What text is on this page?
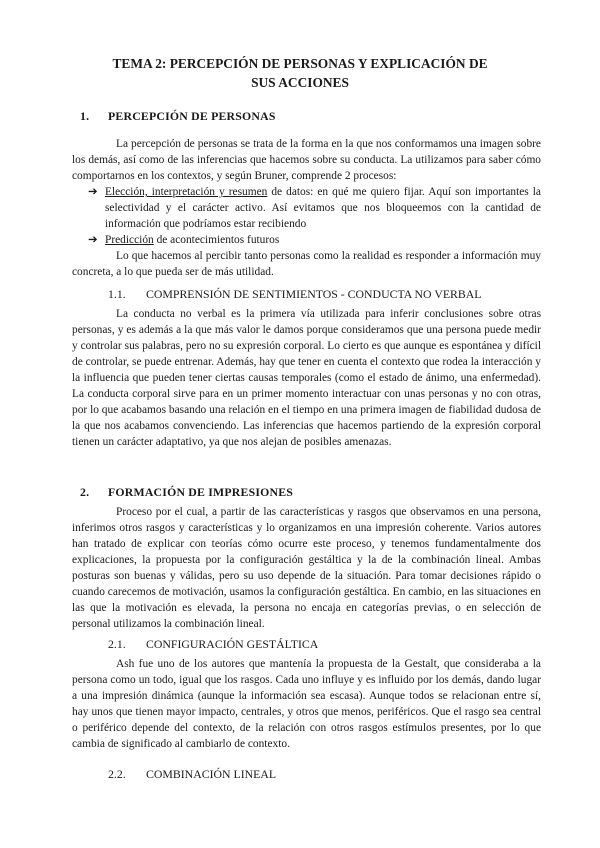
TEMA 2: PERCEPCIÓN DE PERSONAS Y EXPLICACIÓN DE
SUS ACCIONES
1. PERCEPCIÓN DE PERSONAS
La percepción de personas se trata de la forma en la que nos conformamos una imagen sobre los demás, así como de las inferencias que hacemos sobre su conducta. La utilizamos para saber cómo comportarnos en los contextos, y según Bruner, comprende 2 procesos:
➔ Elección, interpretación y resumen de datos: en qué me quiero fijar. Aquí son importantes la selectividad y el carácter activo. Así evitamos que nos bloqueemos con la cantidad de información que podríamos estar recibiendo
➔ Predicción de acontecimientos futuros
Lo que hacemos al percibir tanto personas como la realidad es responder a información muy concreta, a lo que pueda ser de más utilidad.
1.1. COMPRENSIÓN DE SENTIMIENTOS - CONDUCTA NO VERBAL
La conducta no verbal es la primera vía utilizada para inferir conclusiones sobre otras personas, y es además a la que más valor le damos porque consideramos que una persona puede medir y controlar sus palabras, pero no su expresión corporal. Lo cierto es que aunque es espontánea y difícil de controlar, se puede entrenar. Además, hay que tener en cuenta el contexto que rodea la interacción y la influencia que pueden tener ciertas causas temporales (como el estado de ánimo, una enfermedad). La conducta corporal sirve para en un primer momento interactuar con unas personas y no con otras, por lo que acabamos basando una relación en el tiempo en una primera imagen de fiabilidad dudosa de la que nos acabamos convenciendo. Las inferencias que hacemos partiendo de la expresión corporal tienen un carácter adaptativo, ya que nos alejan de posibles amenazas.
2. FORMACIÓN DE IMPRESIONES
Proceso por el cual, a partir de las características y rasgos que observamos en una persona, inferimos otros rasgos y características y lo organizamos en una impresión coherente. Varios autores han tratado de explicar con teorías cómo ocurre este proceso, y tenemos fundamentalmente dos explicaciones, la propuesta por la configuración gestáltica y la de la combinación lineal. Ambas posturas son buenas y válidas, pero su uso depende de la situación. Para tomar decisiones rápido o cuando carecemos de motivación, usamos la configuración gestáltica. En cambio, en las situaciones en las que la motivación es elevada, la persona no encaja en categorías previas, o en selección de personal utilizamos la combinación lineal.
2.1. CONFIGURACIÓN GESTÁLTICA
Ash fue uno de los autores que mantenía la propuesta de la Gestalt, que consideraba a la persona como un todo, igual que los rasgos. Cada uno influye y es influido por los demás, dando lugar a una impresión dinámica (aunque la información sea escasa). Aunque todos se relacionan entre sí, hay unos que tienen mayor impacto, centrales, y otros que menos, periféricos. Que el rasgo sea central o periférico depende del contexto, de la relación con otros rasgos estímulos presentes, por lo que cambia de significado al cambiarlo de contexto.
2.2. COMBINACIÓN LINEAL
